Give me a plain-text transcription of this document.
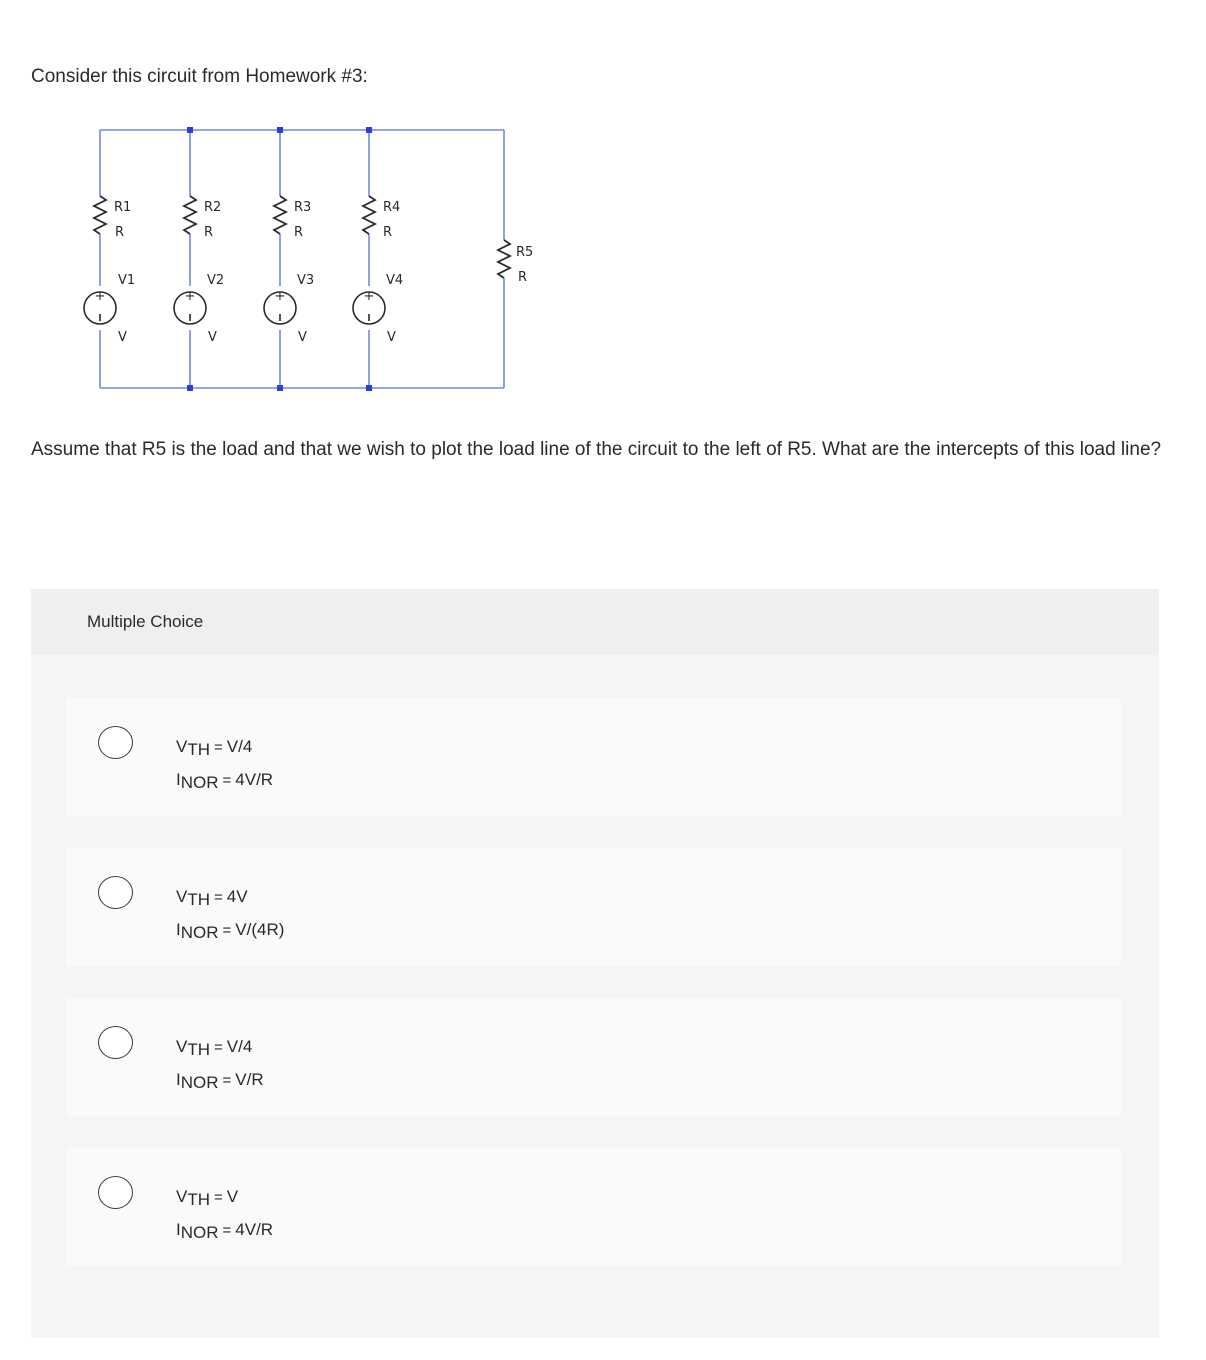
Consider this circuit from Homework #3:
+	+	+	+
R1
R
R2
R
R3
R
R4
R
R5
R
V1
V
V2
V
V3
V
V4
V
Assume that R5 is the load and that we wish to plot the load line of the circuit to the left of R5. What are the intercepts of this load line?
Multiple Choice
VTH = V/4
INOR = 4V/R
VTH = 4V
INOR = V/(4R)
VTH = V/4
INOR = V/R
VTH = V
INOR = 4V/R
